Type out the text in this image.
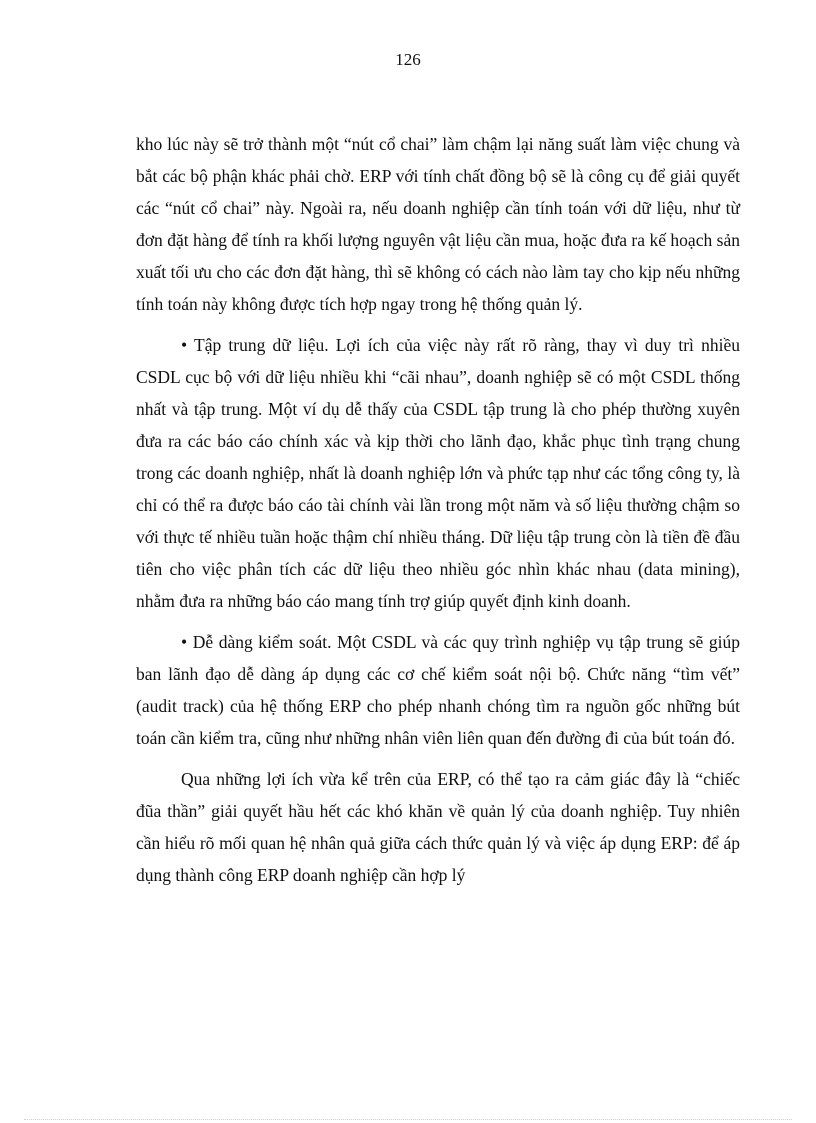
126

kho lúc này sẽ trở thành một “nút cổ chai” làm chậm lại năng suất làm việc chung và bắt các bộ phận khác phải chờ. ERP với tính chất đồng bộ sẽ là công cụ để giải quyết các “nút cổ chai” này. Ngoài ra, nếu doanh nghiệp cần tính toán với dữ liệu, như từ đơn đặt hàng để tính ra khối lượng nguyên vật liệu cần mua, hoặc đưa ra kế hoạch sản xuất tối ưu cho các đơn đặt hàng, thì sẽ không có cách nào làm tay cho kịp nếu những tính toán này không được tích hợp ngay trong hệ thống quản lý.

• Tập trung dữ liệu. Lợi ích của việc này rất rõ ràng, thay vì duy trì nhiều CSDL cục bộ với dữ liệu nhiều khi “cãi nhau”, doanh nghiệp sẽ có một CSDL thống nhất và tập trung. Một ví dụ dễ thấy của CSDL tập trung là cho phép thường xuyên đưa ra các báo cáo chính xác và kịp thời cho lãnh đạo, khắc phục tình trạng chung trong các doanh nghiệp, nhất là doanh nghiệp lớn và phức tạp như các tổng công ty, là chỉ có thể ra được báo cáo tài chính vài lần trong một năm và số liệu thường chậm so với thực tế nhiều tuần hoặc thậm chí nhiều tháng. Dữ liệu tập trung còn là tiền đề đầu tiên cho việc phân tích các dữ liệu theo nhiều góc nhìn khác nhau (data mining), nhằm đưa ra những báo cáo mang tính trợ giúp quyết định kinh doanh.

• Dễ dàng kiểm soát. Một CSDL và các quy trình nghiệp vụ tập trung sẽ giúp ban lãnh đạo dễ dàng áp dụng các cơ chế kiểm soát nội bộ. Chức năng “tìm vết” (audit track) của hệ thống ERP cho phép nhanh chóng tìm ra nguồn gốc những bút toán cần kiểm tra, cũng như những nhân viên liên quan đến đường đi của bút toán đó.

Qua những lợi ích vừa kể trên của ERP, có thể tạo ra cảm giác đây là “chiếc đũa thần” giải quyết hầu hết các khó khăn về quản lý của doanh nghiệp. Tuy nhiên cần hiểu rõ mối quan hệ nhân quả giữa cách thức quản lý và việc áp dụng ERP: để áp dụng thành công ERP doanh nghiệp cần hợp lý
